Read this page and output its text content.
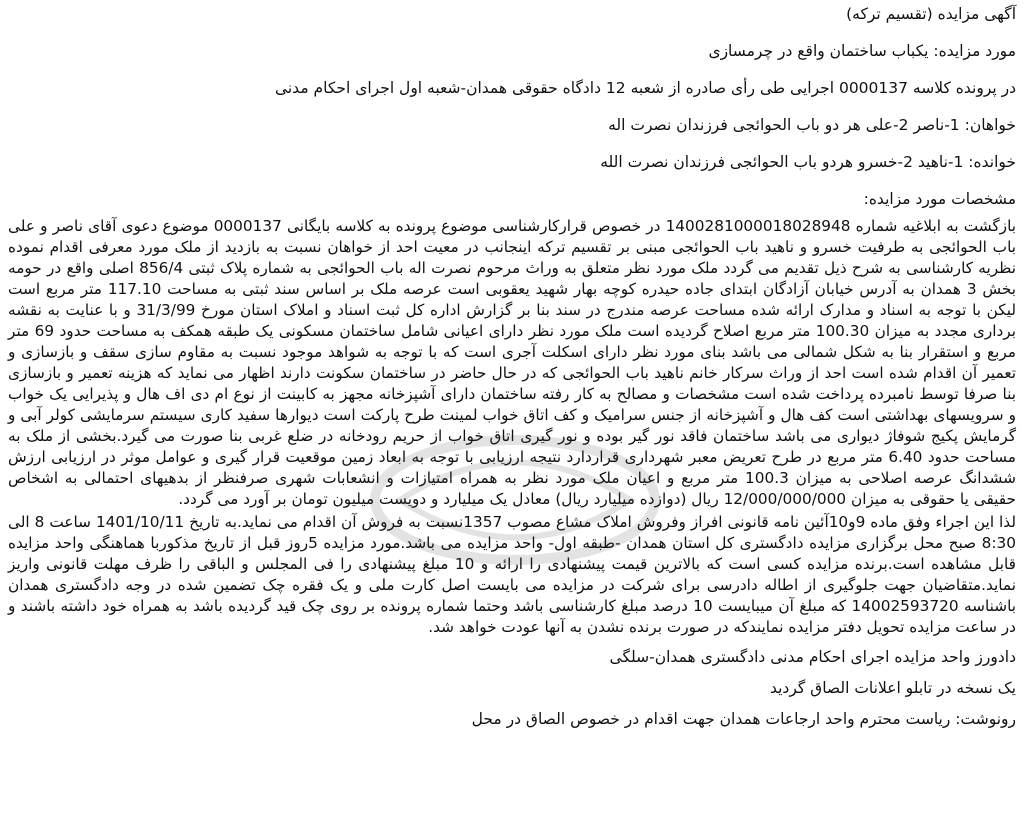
آگهی مزایده (تقسیم ترکه)

مورد مزایده: یکباب ساختمان واقع در چرمسازی

در پرونده کلاسه 0000137 اجرایی طی رأی صادره از شعبه 12 دادگاه حقوقی همدان-شعبه اول اجرای احکام مدنی

خواهان: 1-ناصر 2-علی هر دو باب الحوائجی فرزندان نصرت اله

خوانده: 1-ناهید 2-خسرو هردو باب الحوائجی فرزندان نصرت الله

مشخصات مورد مزایده:

بازگشت به ابلاغیه شماره 140028100001802894‬8 در خصوص قرارکارشناسی موضوع پرونده به کلاسه بایگانی 0000137 موضوع دعوی آقای ناصر و علی باب الحوائجی به طرفیت خسرو و ناهید باب الحوائجی مبنی بر تقسیم ترکه اینجانب در معیت احد از خواهان نسبت به بازدید از ملک مورد معرفی اقدام نموده نظریه کارشناسی به شرح ذیل تقدیم می گردد ملک مورد نظر متعلق به وراث مرحوم نصرت اله باب الحوائجی به شماره پلاک ثبتی 856/4 اصلی واقع در حومه بخش 3 همدان به آدرس خیابان آزادگان ابتدای جاده حیدره کوچه بهار شهید یعقوبی است عرصه ملک بر اساس سند ثبتی به مساحت 117.10 متر مربع است لیکن با توجه به اسناد و مدارک ارائه شده مساحت عرصه مندرج در سند بنا بر گزارش اداره کل ثبت اسناد و املاک استان مورخ 31/3/99 و با عنایت به نقشه برداری مجدد به میزان 100.30 متر مربع اصلاح گردیده است ملک مورد نظر دارای اعیانی شامل ساختمان مسکونی یک طبقه همکف به مساحت حدود 69 متر مربع و استقرار بنا به شکل شمالی می باشد بنای مورد نظر دارای اسکلت آجری است که با توجه به شواهد موجود نسبت به مقاوم سازی سقف و بازسازی و تعمیر آن اقدام شده است احد از وراث سرکار خانم ناهید باب الحوائجی که در حال حاضر در ساختمان سکونت دارند اظهار می نماید که هزینه تعمیر و بازسازی بنا صرفا توسط نامبرده پرداخت شده است مشخصات و مصالح به کار رفته ساختمان دارای آشپزخانه مجهز به کابینت از نوع ام دی اف هال و پذیرایی یک خواب و سرویسهای بهداشتی است کف هال و آشپزخانه از جنس سرامیک و کف اتاق خواب لمینت طرح پارکت است دیوارها سفید کاری سیستم سرمایشی کولر آبی و گرمایش پکیج شوفاژ دیواری می باشد ساختمان فاقد نور گیر بوده و نور گیری اتاق خواب از حریم رودخانه در ضلع غربی بنا صورت می گیرد.بخشی از ملک به مساحت حدود 6.40 متر مربع در طرح تعریض معبر شهرداری قراردارد نتیجه ارزیابی با توجه به ابعاد زمین موقعیت قرار گیری و عوامل موثر در ارزیابی ارزش ششدانگ عرصه اصلاحی به میزان 100.3 متر مربع و اعیان ملک مورد نظر به همراه امتیازات و انشعابات شهری صرفنظر از بدهیهای احتمالی به اشخاص حقیقی یا حقوقی به میزان 12/000/000/000 ریال (دوازده میلیارد ریال) معادل یک میلیارد و دویست میلیون تومان بر آورد می گردد.

لذا این اجراء وفق ماده 9و10آئین نامه قانونی افراز وفروش املاک مشاع مصوب 1357نسبت به فروش آن اقدام می نماید.به تاریخ 1401/10/11 ساعت 8 الی 8:30 صبح محل برگزاری مزایده دادگستری کل استان همدان -طبقه اول- واحد مزایده می باشد.مورد مزایده 5روز قبل از تاریخ مذکوربا هماهنگی واحد مزایده قابل مشاهده است.برنده مزایده کسی است که بالاترین قیمت پیشنهادی را ارائه و 10 مبلغ پیشنهادی را فی المجلس و الباقی را ظرف مهلت قانونی واریز نماید.متقاضیان جهت جلوگیری از اطاله دادرسی برای شرکت در مزایده می بایست اصل کارت ملی و یک فقره چک تضمین شده در وجه دادگستری همدان باشناسه 14002593720 که مبلغ آن میبایست 10 درصد مبلغ کارشناسی باشد وحتما شماره پرونده بر روی چک قید گردیده باشد به همراه خود داشته باشند و در ساعت مزایده تحویل دفتر مزایده نمایندکه در صورت برنده نشدن به آنها عودت خواهد شد.

دادورز واحد مزایده اجرای احکام مدنی دادگستری همدان-سلگی

یک نسخه در تابلو اعلانات الصاق گردید

رونوشت: ریاست محترم واحد ارجاعات همدان جهت اقدام در خصوص الصاق در محل
